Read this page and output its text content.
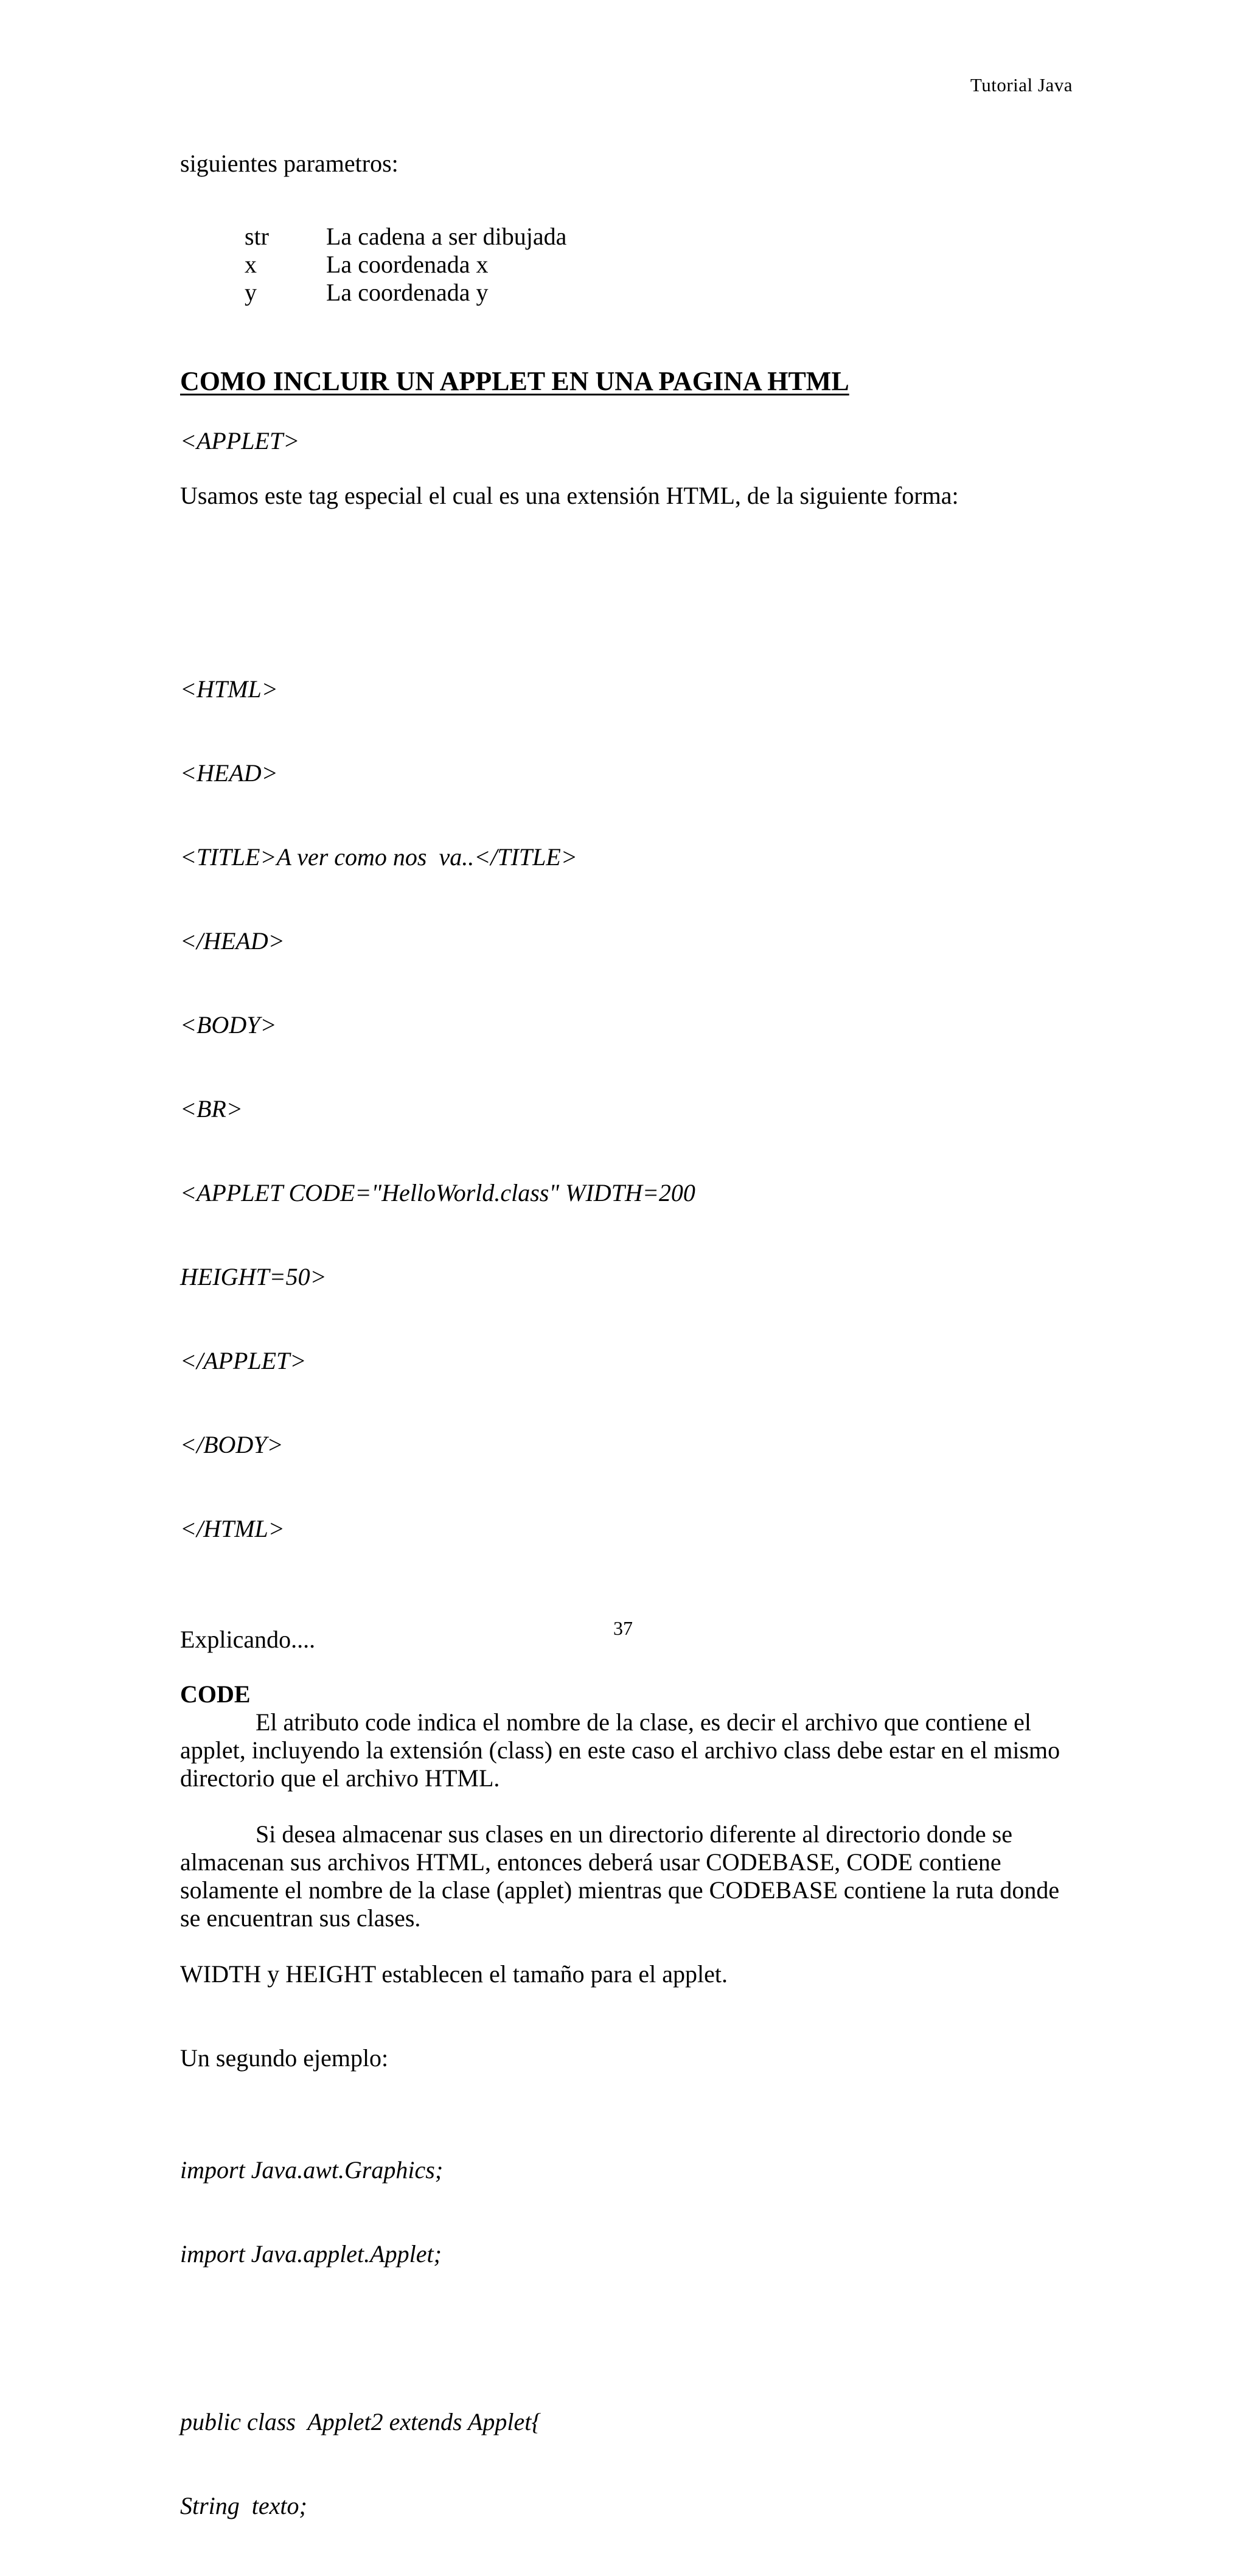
Tutorial Java

siguientes parametros:

str	La cadena a ser dibujada
x	La coordenada x
y	La coordenada y
COMO INCLUIR UN APPLET EN UNA PAGINA HTML

<APPLET>

Usamos este tag especial el cual es una extensión HTML, de la siguiente forma:

<HTML>

<HEAD>

<TITLE>A ver como nos  va..</TITLE>

</HEAD>

<BODY>

<BR>

<APPLET CODE="HelloWorld.class" WIDTH=200

HEIGHT=50>

</APPLET>

</BODY>

</HTML>

Explicando....

CODE

El atributo code indica el nombre de la clase, es decir el archivo que contiene el applet, incluyendo la extensión (class) en este caso el archivo class debe estar en el mismo directorio que el archivo HTML.

Si desea almacenar sus clases en un directorio diferente al directorio donde se almacenan sus archivos HTML, entonces deberá usar CODEBASE, CODE contiene solamente el nombre de la clase (applet) mientras que CODEBASE contiene la ruta donde se encuentran sus clases.

WIDTH y HEIGHT establecen el tamaño para el applet.

Un segundo ejemplo:

import Java.awt.Graphics;

import Java.applet.Applet;

public class  Applet2 extends Applet{

String  texto;

37
